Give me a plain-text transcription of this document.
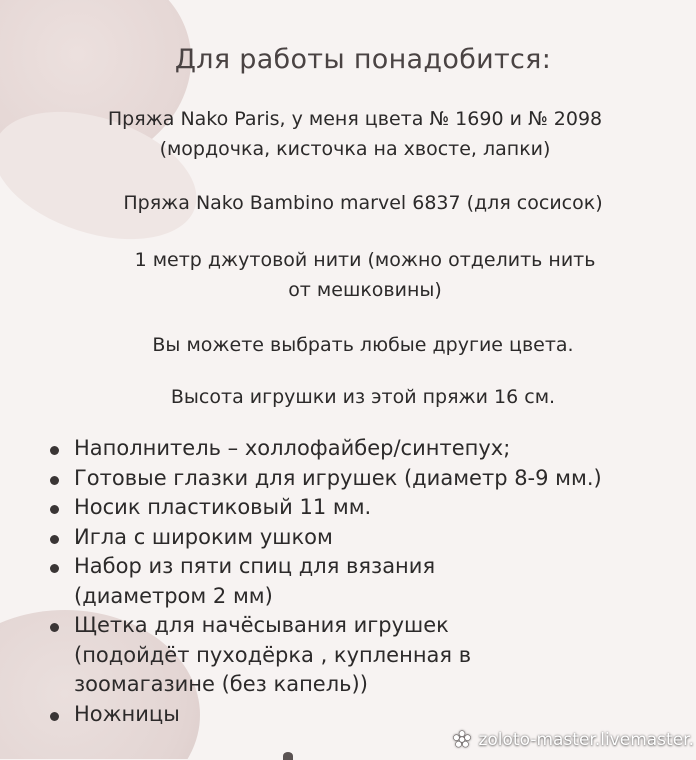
Для работы понадобится:
Пряжа Nako Paris, у меня цвета № 1690 и № 2098
(мордочка, кисточка на хвосте, лапки)
Пряжа Nako Bambino marvel 6837 (для сосисок)
1 метр джутовой нити (можно отделить нить
от мешковины)
Вы можете выбрать любые другие цвета.
Высота игрушки из этой пряжи 16 см.
Наполнитель – холлофайбер/синтепух;
Готовые глазки для игрушек (диаметр 8-9 мм.)
Носик пластиковый 11 мм.
Игла с широким ушком
Набор из пяти спиц для вязания
(диаметром 2 мм)
Щетка для начёсывания игрушек
(подойдёт пуходёрка , купленная в
зоомагазине (без капель))
Ножницы
zoloto-master.livemaster.
